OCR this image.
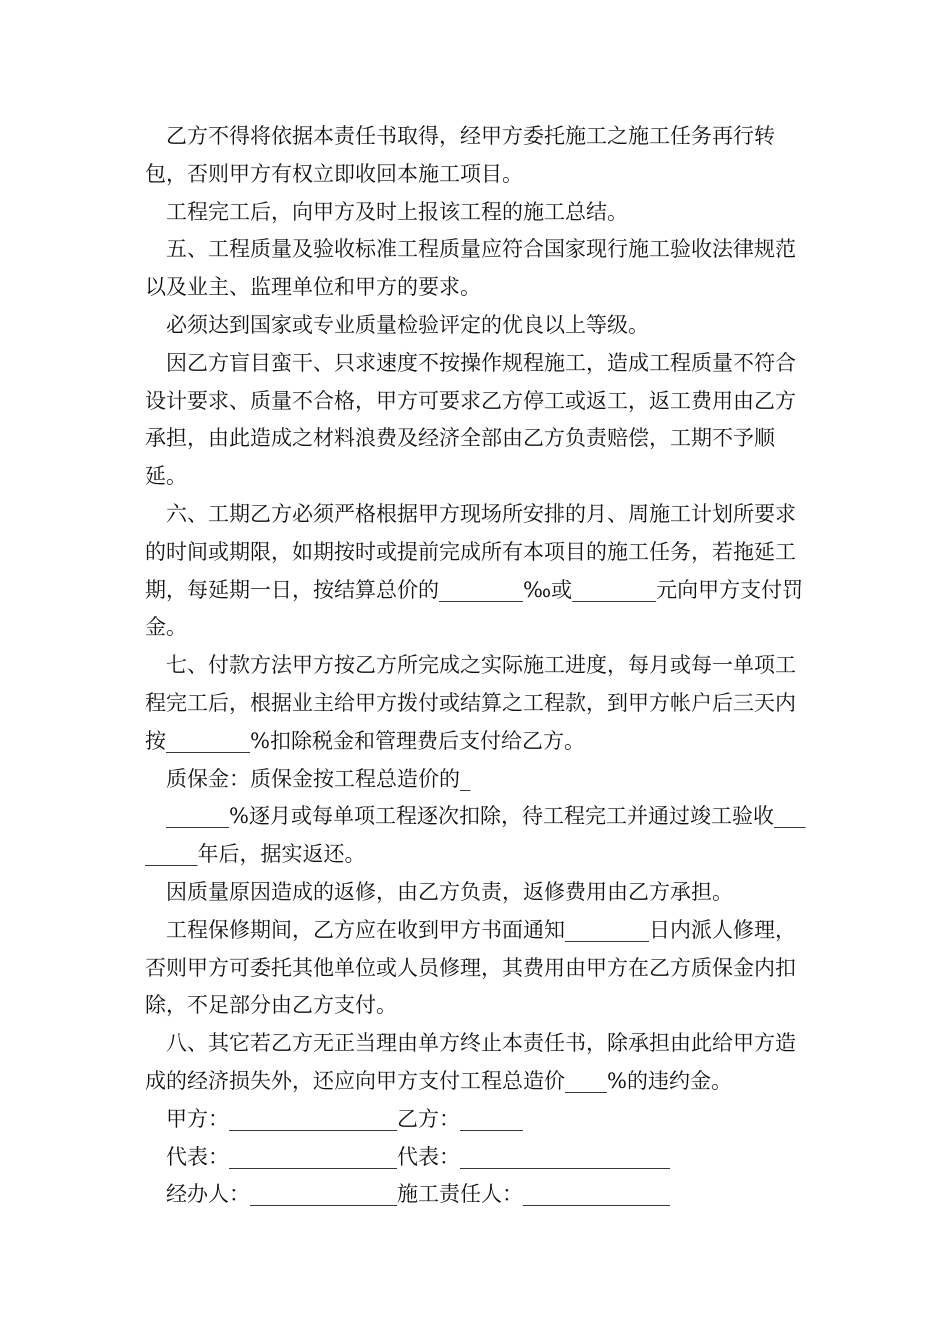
乙方不得将依据本责任书取得，经甲方委托施工之施工任务再行转包，否则甲方有权立即收回本施工项目。

工程完工后，向甲方及时上报该工程的施工总结。

五、工程质量及验收标准工程质量应符合国家现行施工验收法律规范以及业主、监理单位和甲方的要求。

必须达到国家或专业质量检验评定的优良以上等级。

因乙方盲目蛮干、只求速度不按操作规程施工，造成工程质量不符合设计要求、质量不合格，甲方可要求乙方停工或返工，返工费用由乙方承担，由此造成之材料浪费及经济全部由乙方负责赔偿，工期不予顺延。

六、工期乙方必须严格根据甲方现场所安排的月、周施工计划所要求的时间或期限，如期按时或提前完成所有本项目的施工任务，若拖延工期，每延期一日，按结算总价的________‰或________元向甲方支付罚金。

七、付款方法甲方按乙方所完成之实际施工进度，每月或每一单项工程完工后，根据业主给甲方拨付或结算之工程款，到甲方帐户后三天内按________%扣除税金和管理费后支付给乙方。

质保金：质保金按工程总造价的_

______%逐月或每单项工程逐次扣除，待工程完工并通过竣工验收________年后，据实返还。

因质量原因造成的返修，由乙方负责，返修费用由乙方承担。

工程保修期间，乙方应在收到甲方书面通知________日内派人修理，否则甲方可委托其他单位或人员修理，其费用由甲方在乙方质保金内扣除，不足部分由乙方支付。

八、其它若乙方无正当理由单方终止本责任书，除承担由此给甲方造成的经济损失外，还应向甲方支付工程总造价____%的违约金。

甲方：________________乙方：______

代表：________________代表：____________________

经办人：______________施工责任人：______________
